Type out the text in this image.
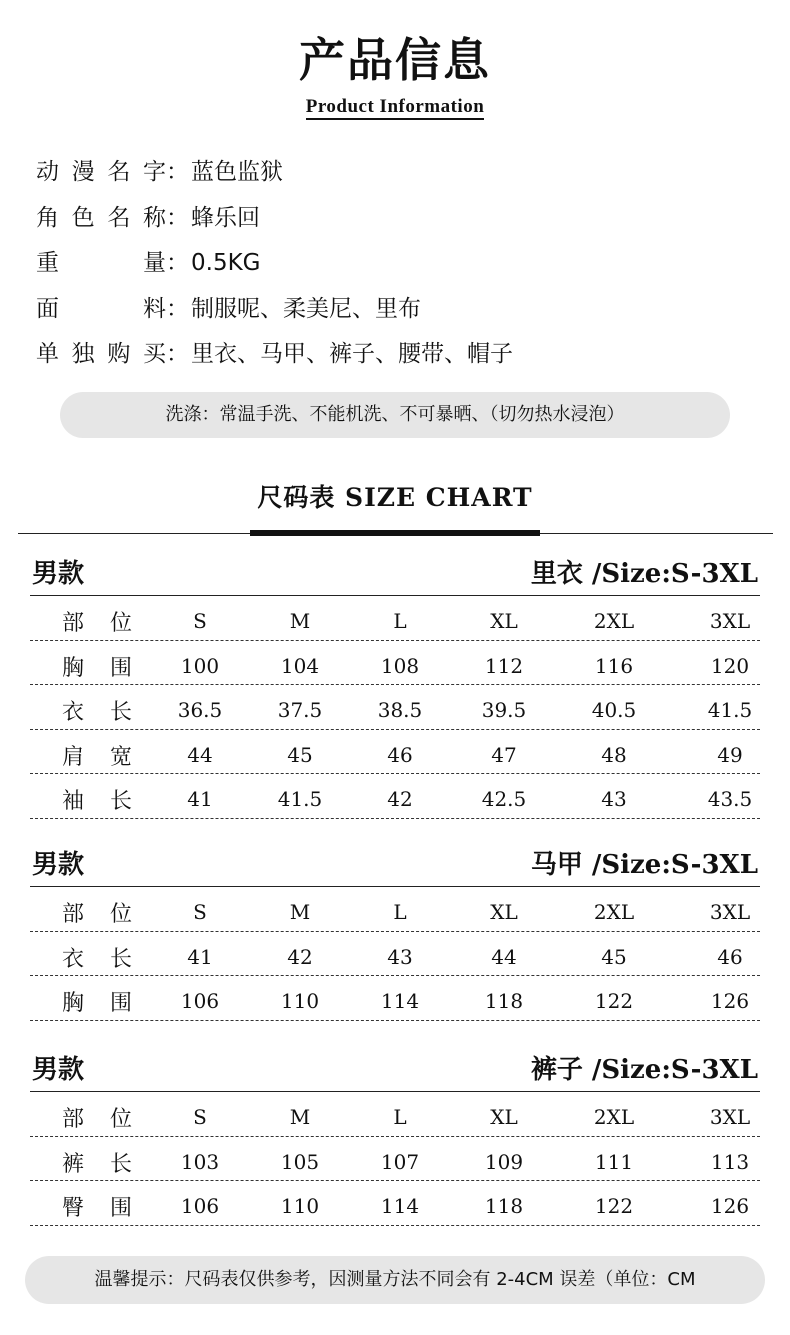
产品信息
Product Information
动 漫 名 字 ： 蓝色监狱
角 色 名 称 ： 蜂乐回
重	量 ： 0.5KG
面	料 ： 制服呢、柔美尼、里布
单 独 购 买 ： 里衣、马甲、裤子、腰带、帽子
洗涤：常温手洗、不能机洗、不可暴晒、（切勿热水浸泡）
尺码表 SIZE CHART
男款	里衣 /Size:S-3XL
部 位	S	M	L	XL	2XL	3XL
胸 围 100	104	108	112	116	120
衣 长 36.5	37.5	38.5	39.5	40.5	41.5
肩 宽	44	45	46	47	48	49
袖 长	41	41.5	42	42.5	43	43.5
男款	马甲 /Size:S-3XL
部 位	S	M	L	XL	2XL	3XL
衣 长	41	42	43	44	45	46
胸 围 106	110	114	118	122	126
男款	裤子 /Size:S-3XL
部 位	S	M	L	XL	2XL	3XL
裤 长 103	105	107	109	111	113
臀 围 106	110	114	118	122	126
温馨提示：尺码表仅供参考，因测量方法不同会有 2-4CM 误差（单位：CM
